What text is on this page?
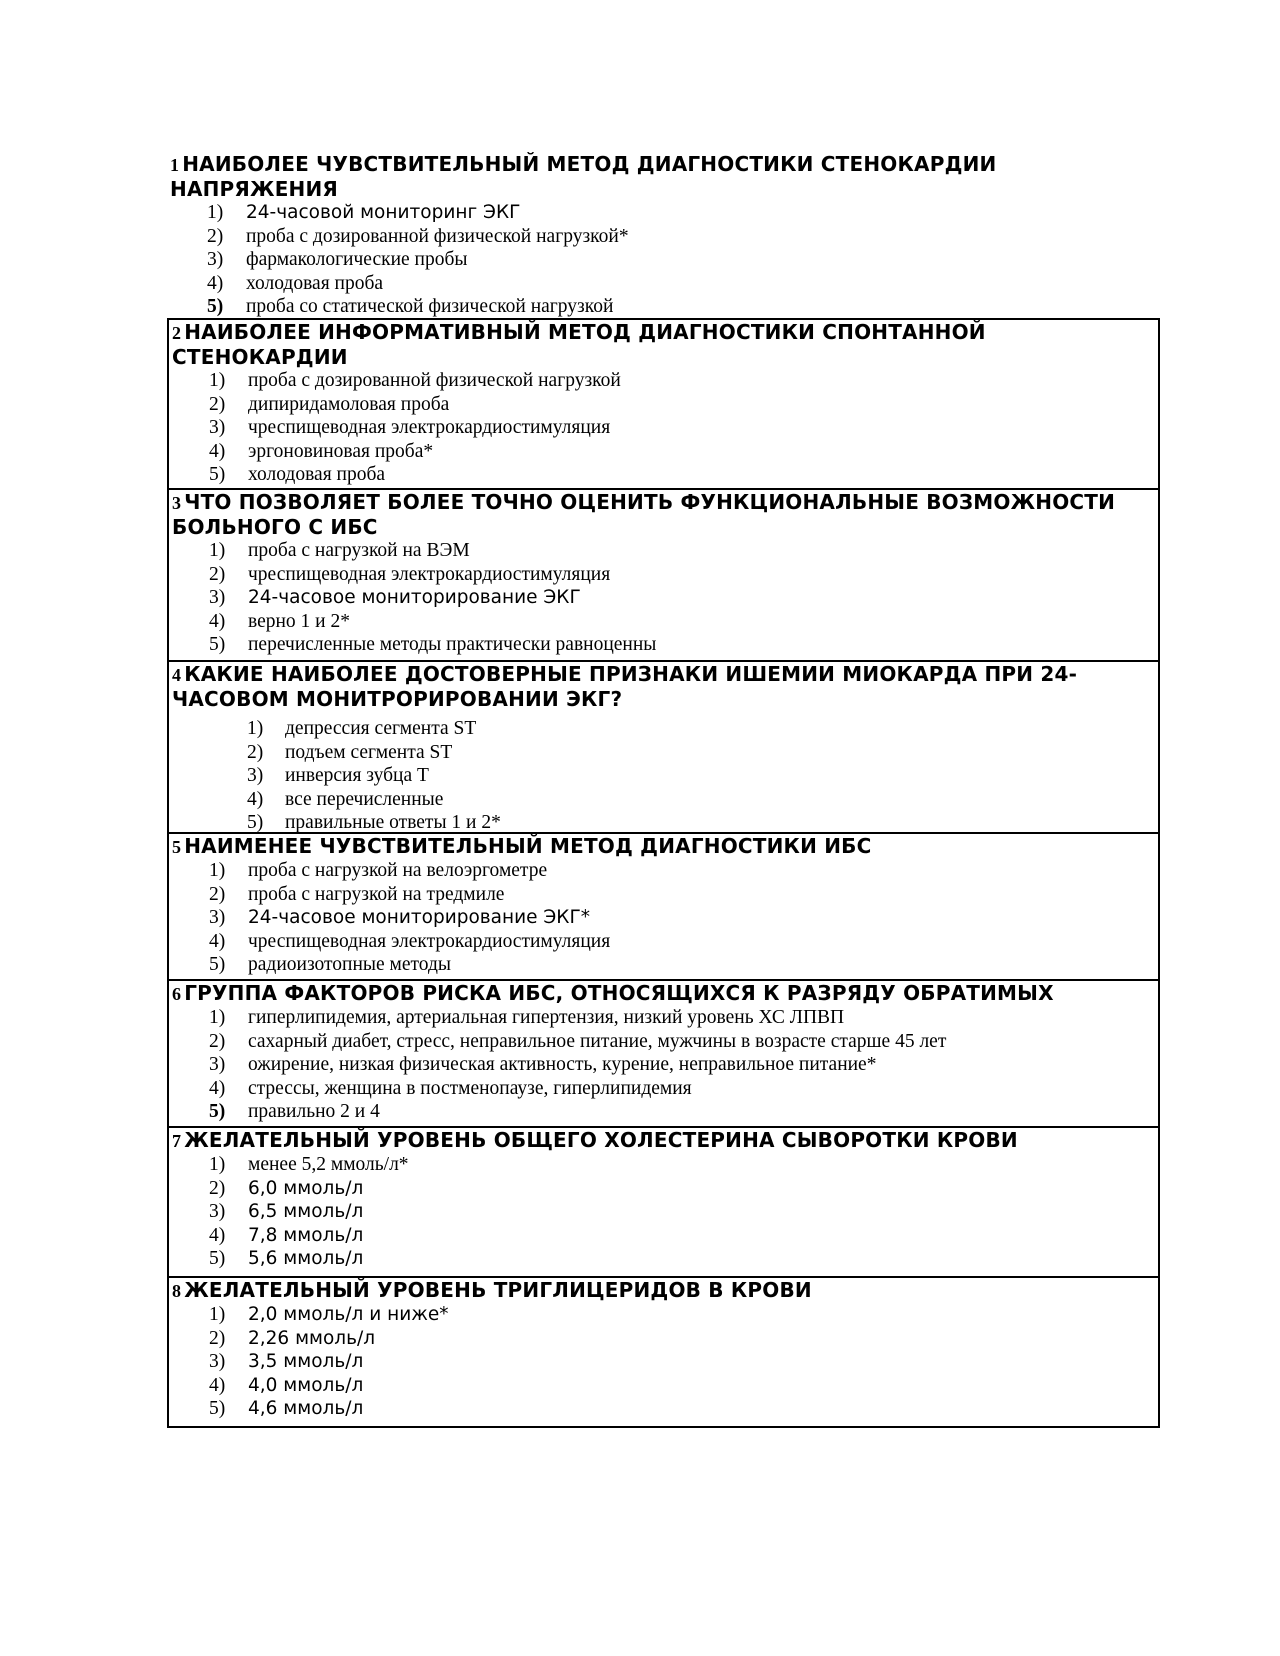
1 НАИБОЛЕЕ ЧУВСТВИТЕЛЬНЫЙ МЕТОД ДИАГНОСТИКИ СТЕНОКАРДИИ НАПРЯЖЕНИЯ

1)	24-часовой мониторинг ЭКГ
2)	проба с дозированной физической нагрузкой*
3)	фармакологические пробы
4)	холодовая проба
5)	проба со статической физической нагрузкой

2 НАИБОЛЕЕ ИНФОРМАТИВНЫЙ МЕТОД ДИАГНОСТИКИ СПОНТАННОЙ СТЕНОКАРДИИ

1)	проба с дозированной физической нагрузкой
2)	дипиридамоловая проба
3)	чреспищеводная электрокардиостимуляция
4)	эргоновиновая проба*
5)	холодовая проба

3 ЧТО ПОЗВОЛЯЕТ БОЛЕЕ ТОЧНО ОЦЕНИТЬ ФУНКЦИОНАЛЬНЫЕ ВОЗМОЖНОСТИ БОЛЬНОГО С ИБС

1)	проба с нагрузкой на ВЭМ
2)	чреспищеводная электрокардиостимуляция
3)	24-часовое мониторирование ЭКГ
4)	верно 1 и 2*
5)	перечисленные методы практически равноценны

4 КАКИЕ НАИБОЛЕЕ ДОСТОВЕРНЫЕ ПРИЗНАКИ ИШЕМИИ МИОКАРДА ПРИ 24-ЧАСОВОМ МОНИТРОРИРОВАНИИ ЭКГ?

1)	депрессия сегмента ST
2)	подъем сегмента ST
3)	инверсия зубца T
4)	все перечисленные
5)	правильные ответы 1 и 2*

5 НАИМЕНЕЕ ЧУВСТВИТЕЛЬНЫЙ МЕТОД ДИАГНОСТИКИ ИБС

1)	проба с нагрузкой на велоэргометре
2)	проба с нагрузкой на тредмиле
3)	24-часовое мониторирование ЭКГ*
4)	чреспищеводная электрокардиостимуляция
5)	радиоизотопные методы

6 ГРУППА ФАКТОРОВ РИСКА ИБС, ОТНОСЯЩИХСЯ К РАЗРЯДУ ОБРАТИМЫХ

1)	гиперлипидемия, артериальная гипертензия, низкий уровень ХС ЛПВП
2)	сахарный диабет, стресс, неправильное питание, мужчины в возрасте старше 45 лет
3)	ожирение, низкая физическая активность, курение, неправильное питание*
4)	стрессы, женщина в постменопаузе, гиперлипидемия
5)	правильно 2 и 4

7 ЖЕЛАТЕЛЬНЫЙ УРОВЕНЬ ОБЩЕГО ХОЛЕСТЕРИНА СЫВОРОТКИ КРОВИ

1)	менее 5,2 ммоль/л*
2)	6,0 ммоль/л
3)	6,5 ммоль/л
4)	7,8 ммоль/л
5)	5,6 ммоль/л

8 ЖЕЛАТЕЛЬНЫЙ УРОВЕНЬ ТРИГЛИЦЕРИДОВ В КРОВИ

1)	2,0 ммоль/л и ниже*
2)	2,26 ммоль/л
3)	3,5 ммоль/л
4)	4,0 ммоль/л
5)	4,6 ммоль/л
